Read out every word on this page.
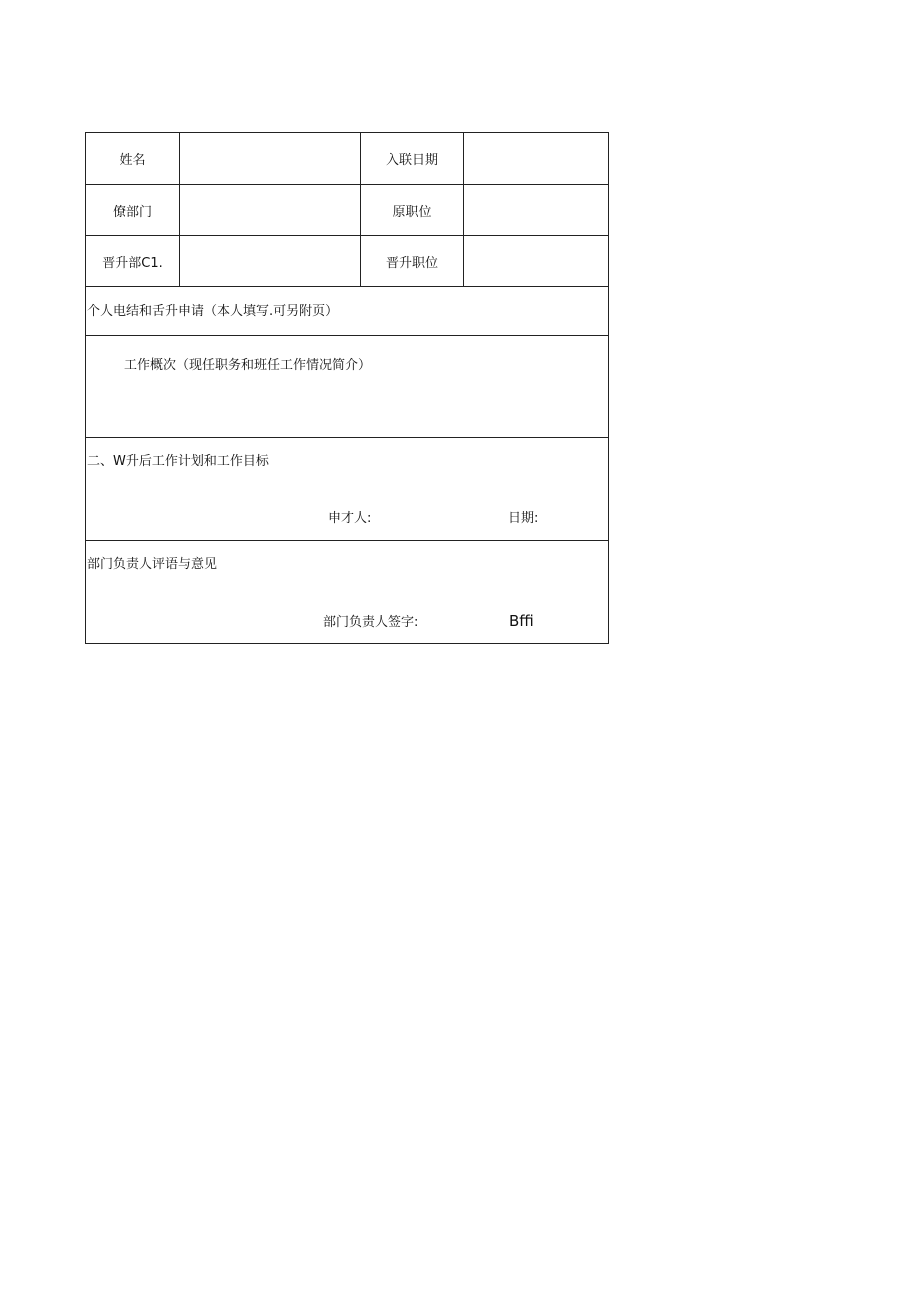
姓名	入联日期
僚部门	原职位
晋升部C1.	晋升职位
个人电结和舌升申请（本人填写.可另附页）
工作概次（现任职务和班任工作情况简介）
二、W升后工作计划和工作目标
申才人:	日期:
部门负责人评语与意见
部门负责人签字:	Bffi
